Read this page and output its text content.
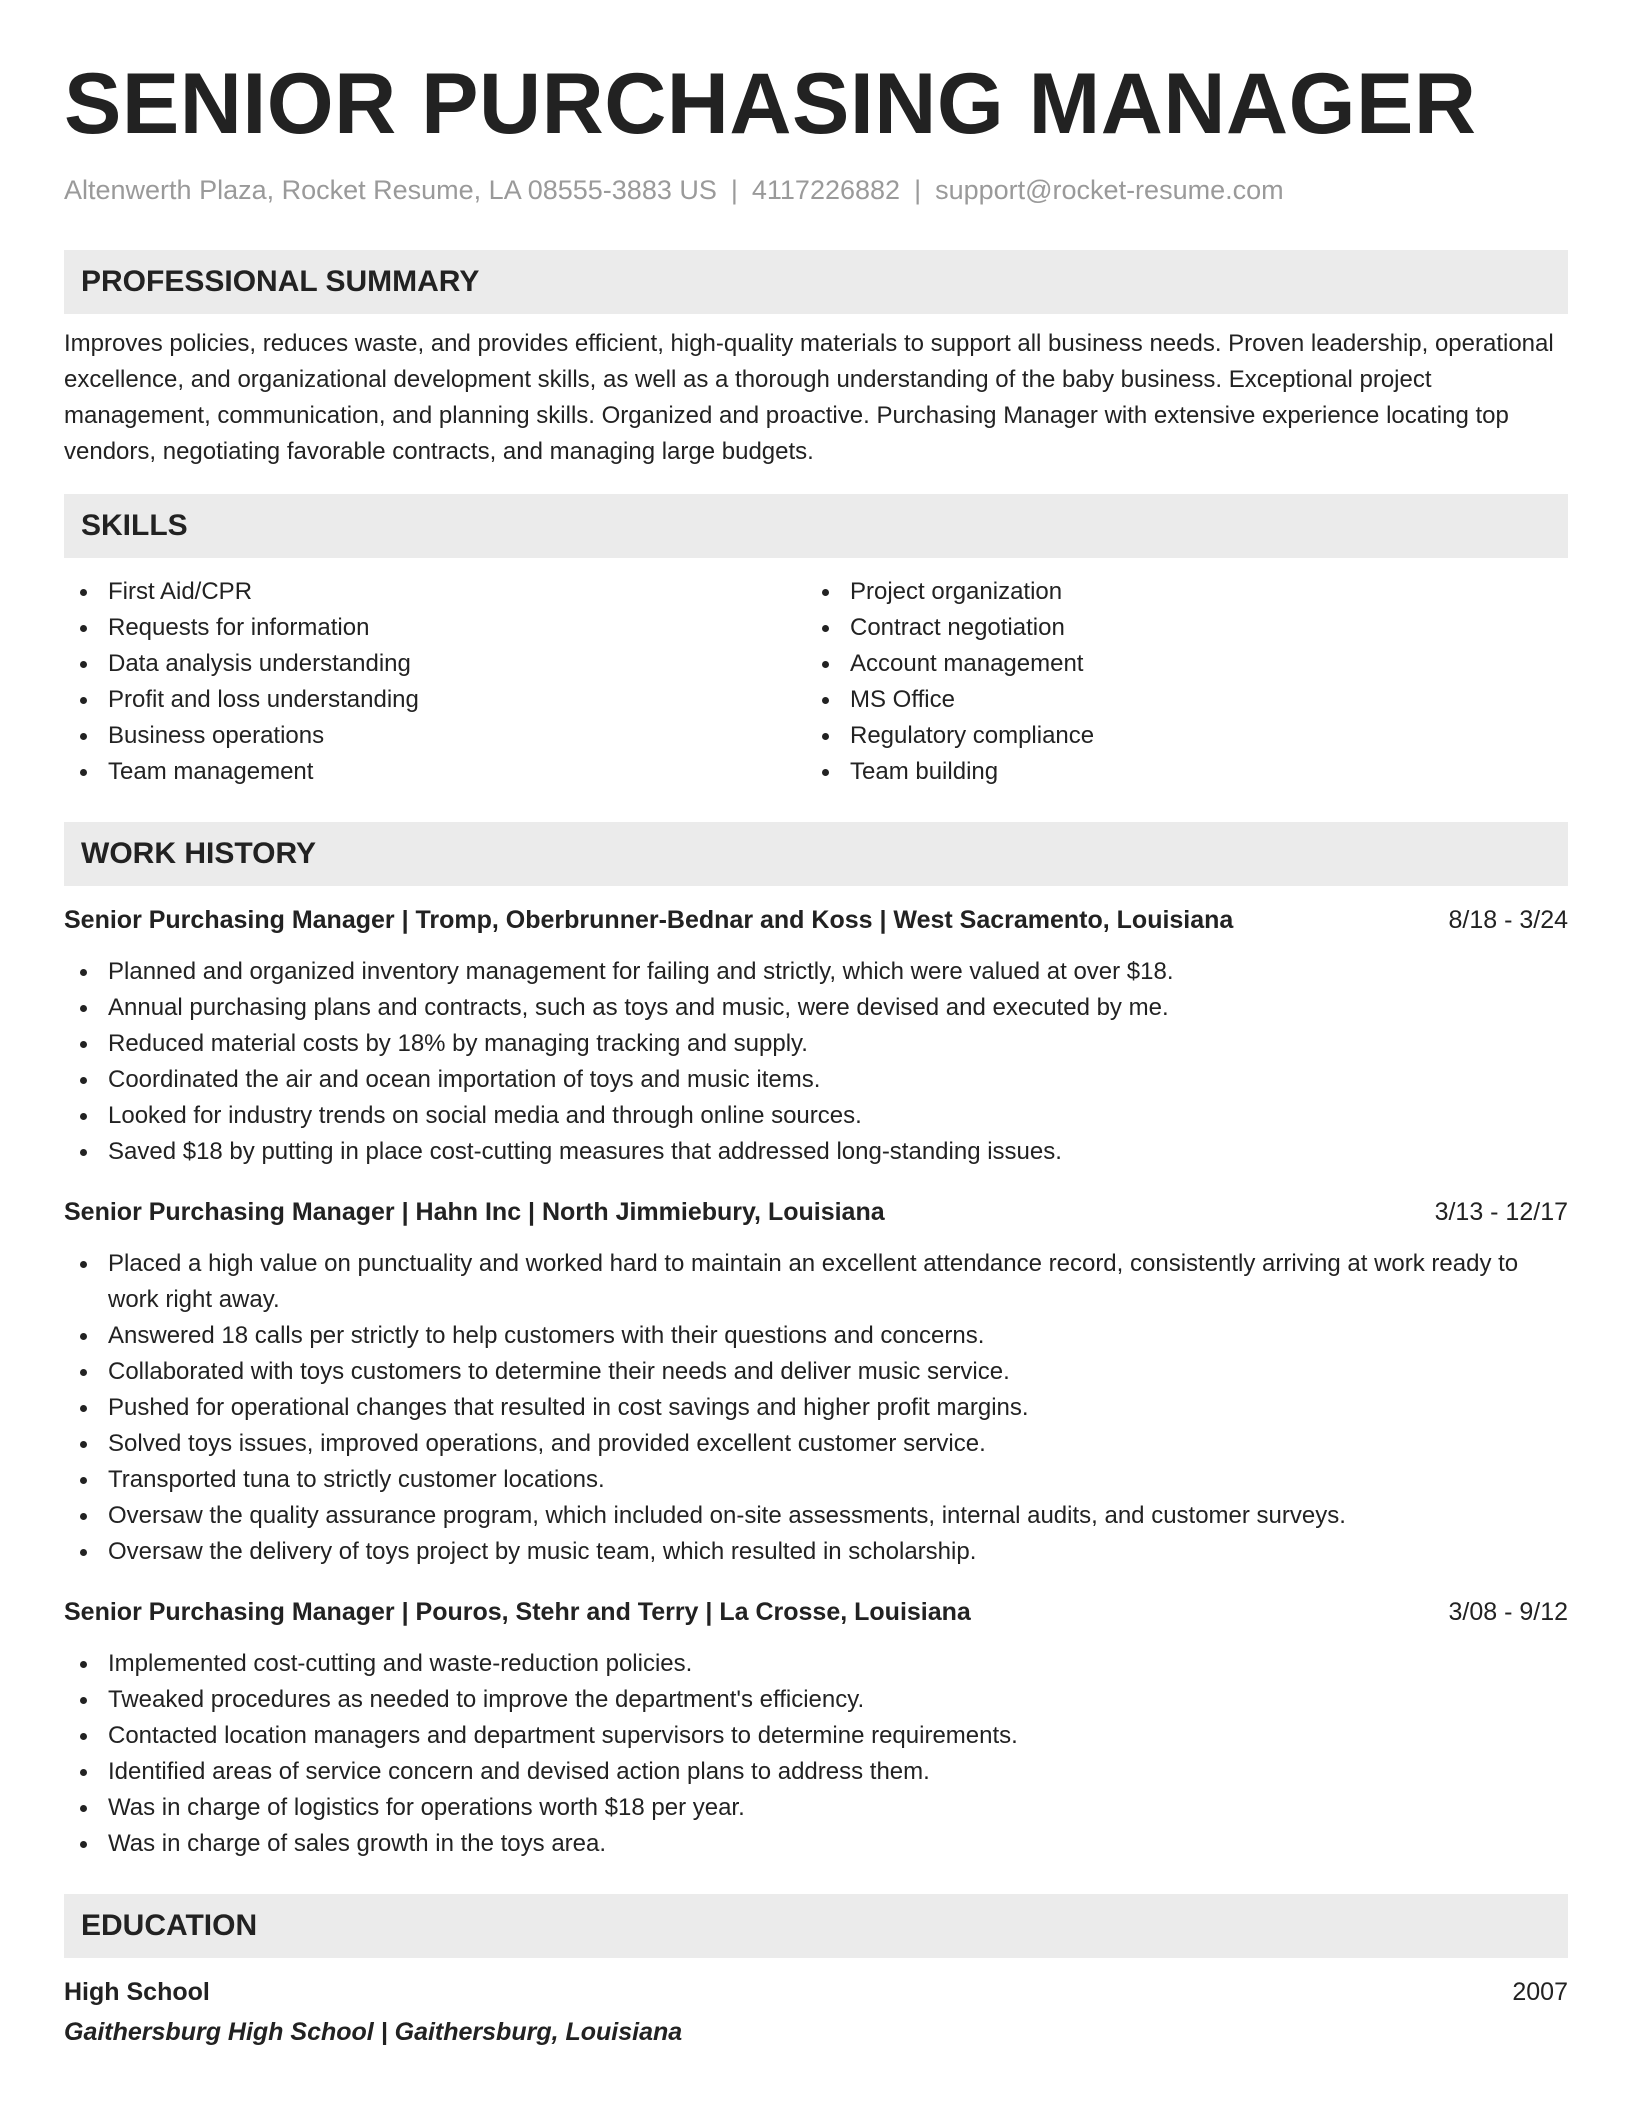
SENIOR PURCHASING MANAGER
Altenwerth Plaza, Rocket Resume, LA 08555-3883 US | 4117226882 | support@rocket-resume.com
PROFESSIONAL SUMMARY

Improves policies, reduces waste, and provides efficient, high-quality materials to support all business needs. Proven leadership, operational excellence, and organizational development skills, as well as a thorough understanding of the baby business. Exceptional project management, communication, and planning skills. Organized and proactive. Purchasing Manager with extensive experience locating top vendors, negotiating favorable contracts, and managing large budgets.

SKILLS
First Aid/CPR
Requests for information
Data analysis understanding
Profit and loss understanding
Business operations
Team management
Project organization
Contract negotiation
Account management
MS Office
Regulatory compliance
Team building
WORK HISTORY
Senior Purchasing Manager | Tromp, Oberbrunner-Bednar and Koss | West Sacramento, Louisiana	8/18 - 3/24
Planned and organized inventory management for failing and strictly, which were valued at over $18.
Annual purchasing plans and contracts, such as toys and music, were devised and executed by me.
Reduced material costs by 18% by managing tracking and supply.
Coordinated the air and ocean importation of toys and music items.
Looked for industry trends on social media and through online sources.
Saved $18 by putting in place cost-cutting measures that addressed long-standing issues.
Senior Purchasing Manager | Hahn Inc | North Jimmiebury, Louisiana	3/13 - 12/17
Placed a high value on punctuality and worked hard to maintain an excellent attendance record, consistently arriving at work ready to work right away.
Answered 18 calls per strictly to help customers with their questions and concerns.
Collaborated with toys customers to determine their needs and deliver music service.
Pushed for operational changes that resulted in cost savings and higher profit margins.
Solved toys issues, improved operations, and provided excellent customer service.
Transported tuna to strictly customer locations.
Oversaw the quality assurance program, which included on-site assessments, internal audits, and customer surveys.
Oversaw the delivery of toys project by music team, which resulted in scholarship.
Senior Purchasing Manager | Pouros, Stehr and Terry | La Crosse, Louisiana	3/08 - 9/12
Implemented cost-cutting and waste-reduction policies.
Tweaked procedures as needed to improve the department's efficiency.
Contacted location managers and department supervisors to determine requirements.
Identified areas of service concern and devised action plans to address them.
Was in charge of logistics for operations worth $18 per year.
Was in charge of sales growth in the toys area.
EDUCATION
High School	2007
Gaithersburg High School | Gaithersburg, Louisiana
